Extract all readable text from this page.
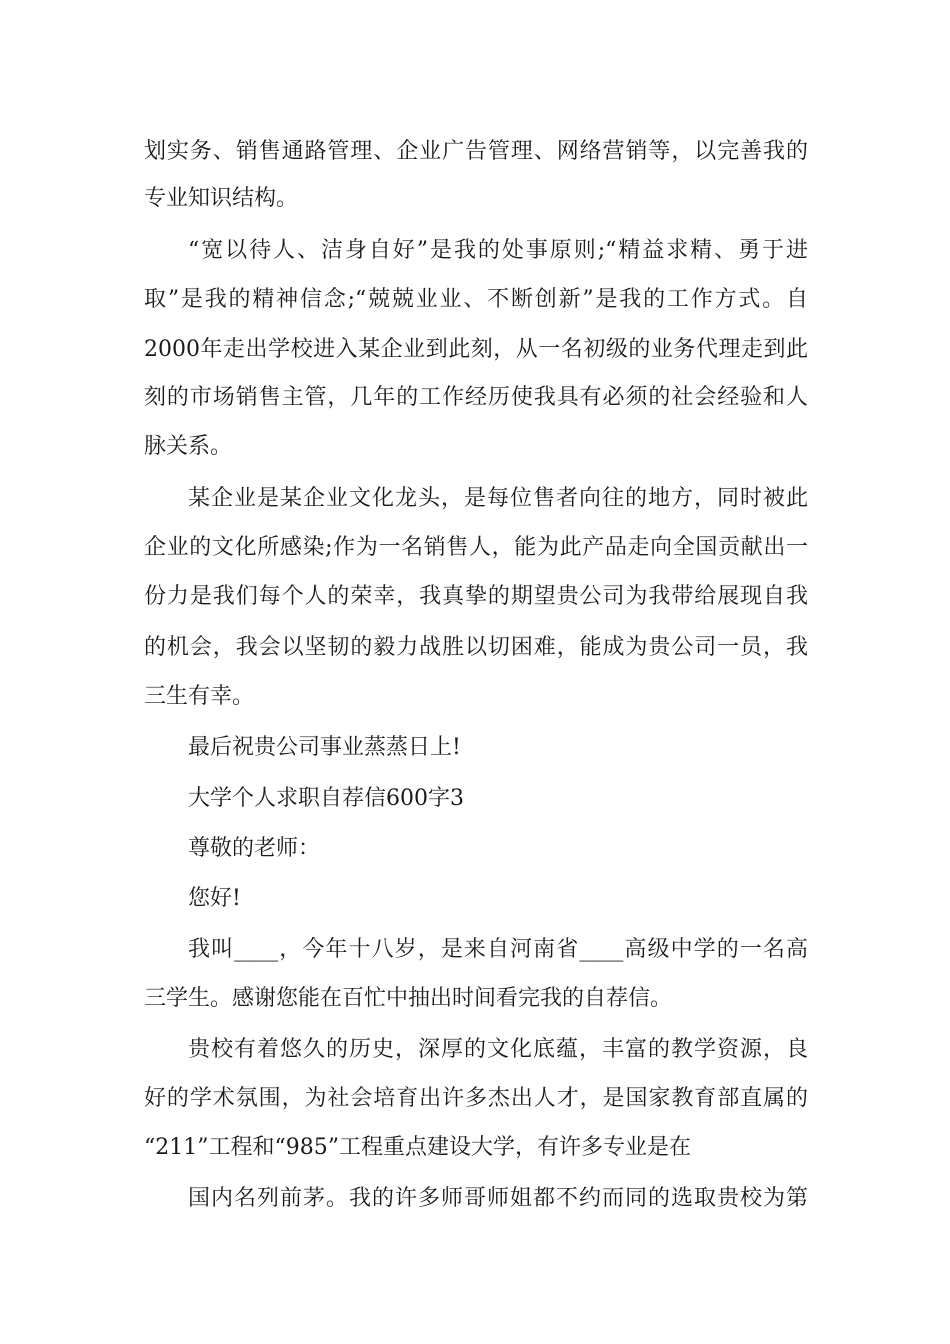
划实务、销售通路管理、企业广告管理、网络营销等，以完善我的
专业知识结构。
“宽以待人、洁身自好”是我的处事原则;“精益求精、勇于进
取”是我的精神信念;“兢兢业业、不断创新”是我的工作方式。自
2000年走出学校进入某企业到此刻，从一名初级的业务代理走到此
刻的市场销售主管，几年的工作经历使我具有必须的社会经验和人
脉关系。
某企业是某企业文化龙头，是每位售者向往的地方，同时被此
企业的文化所感染;作为一名销售人，能为此产品走向全国贡献出一
份力是我们每个人的荣幸，我真挚的期望贵公司为我带给展现自我
的机会，我会以坚韧的毅力战胜以切困难，能成为贵公司一员，我
三生有幸。
最后祝贵公司事业蒸蒸日上!
大学个人求职自荐信600字3
尊敬的老师：
您好!
我叫____，今年十八岁，是来自河南省____高级中学的一名高
三学生。感谢您能在百忙中抽出时间看完我的自荐信。
贵校有着悠久的历史，深厚的文化底蕴，丰富的教学资源，良
好的学术氛围，为社会培育出许多杰出人才，是国家教育部直属的
“211”工程和“985”工程重点建设大学，有许多专业是在
国内名列前茅。我的许多师哥师姐都不约而同的选取贵校为第
